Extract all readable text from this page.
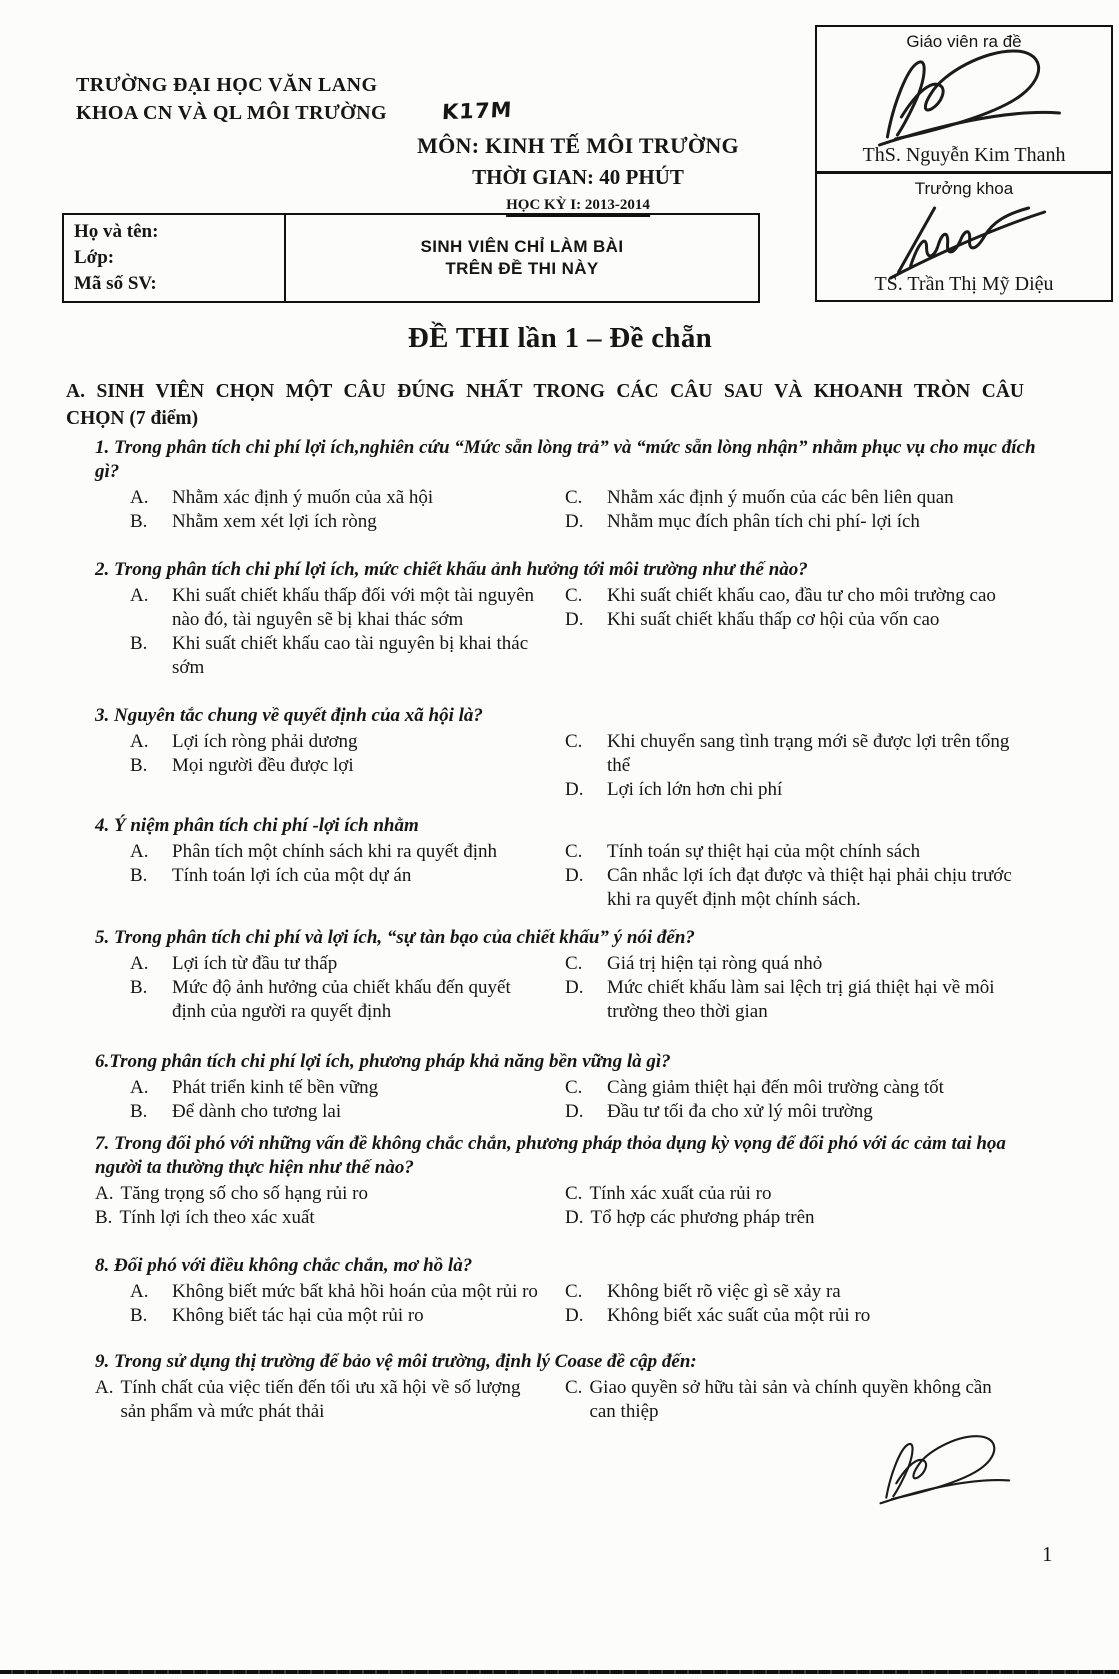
TRƯỜNG ĐẠI HỌC VĂN LANG
KHOA CN VÀ QL MÔI TRƯỜNG	K17M
MÔN: KINH TẾ MÔI TRƯỜNG
THỜI GIAN: 40 PHÚT
HỌC KỲ I: 2013-2014
Họ và tên:
Lớp:
Mã số SV:
SINH VIÊN CHỈ LÀM BÀI
TRÊN ĐỀ THI NÀY
Giáo viên ra đề
ThS. Nguyễn Kim Thanh
Trưởng khoa
TS. Trần Thị Mỹ Diệu
ĐỀ THI lần 1 – Đề chẵn
A. SINH VIÊN CHỌN MỘT CÂU ĐÚNG NHẤT TRONG CÁC CÂU SAU VÀ KHOANH TRÒN CÂU
CHỌN (7 điểm)
1. Trong phân tích chi phí lợi ích,nghiên cứu “Mức sẵn lòng trả” và “mức sẵn lòng nhận” nhằm phục vụ cho mục đích gì?
A.	Nhằm xác định ý muốn của xã hội
B.	Nhằm xem xét lợi ích ròng
C.	Nhằm xác định ý muốn của các bên liên quan
D.	Nhằm mục đích phân tích chi phí- lợi ích
2. Trong phân tích chi phí lợi ích, mức chiết khấu ảnh hưởng tới môi trường như thế nào?
A.	Khi suất chiết khấu thấp đối với một tài nguyên nào đó, tài nguyên sẽ bị khai thác sớm
B.	Khi suất chiết khấu cao tài nguyên bị khai thác sớm
C.	Khi suất chiết khấu cao, đầu tư cho môi trường cao
D.	Khi suất chiết khấu thấp cơ hội của vốn cao
3. Nguyên tắc chung về quyết định của xã hội là?
A.	Lợi ích ròng phải dương
B.	Mọi người đều được lợi
C.	Khi chuyển sang tình trạng mới sẽ được lợi trên tổng thể
D.	Lợi ích lớn hơn chi phí
4. Ý niệm phân tích chi phí -lợi ích nhằm
A.	Phân tích một chính sách khi ra quyết định
B.	Tính toán lợi ích của một dự án
C.	Tính toán sự thiệt hại của một chính sách
D.	Cân nhắc lợi ích đạt được và thiệt hại phải chịu trước khi ra quyết định một chính sách.
5. Trong phân tích chi phí và lợi ích, “sự tàn bạo của chiết khấu” ý nói đến?
A.	Lợi ích từ đầu tư thấp
B.	Mức độ ảnh hưởng của chiết khấu đến quyết định của người ra quyết định
C.	Giá trị hiện tại ròng quá nhỏ
D.	Mức chiết khấu làm sai lệch trị giá thiệt hại về môi trường theo thời gian
6.Trong phân tích chi phí lợi ích, phương pháp khả năng bền vững là gì?
A.	Phát triển kinh tế bền vững
B.	Để dành cho tương lai
C.	Càng giảm thiệt hại đến môi trường càng tốt
D.	Đầu tư tối đa cho xử lý môi trường
7. Trong đối phó với những vấn đề không chắc chắn, phương pháp thỏa dụng kỳ vọng để đối phó với ác cảm tai họa người ta thường thực hiện như thế nào?
A. Tăng trọng số cho số hạng rủi ro
B. Tính lợi ích theo xác xuất
C. Tính xác xuất của rủi ro
D. Tổ hợp các phương pháp trên
8. Đối phó với điều không chắc chắn, mơ hồ là?
A.	Không biết mức bất khả hồi hoán của một rủi ro
B.	Không biết tác hại của một rủi ro
C.	Không biết rõ việc gì sẽ xảy ra
D.	Không biết xác suất của một rủi ro
9. Trong sử dụng thị trường để bảo vệ môi trường, định lý Coase đề cập đến:
A. Tính chất của việc tiến đến tối ưu xã hội về số lượng sản phẩm và mức phát thải
C. Giao quyền sở hữu tài sản và chính quyền không cần can thiệp
1
